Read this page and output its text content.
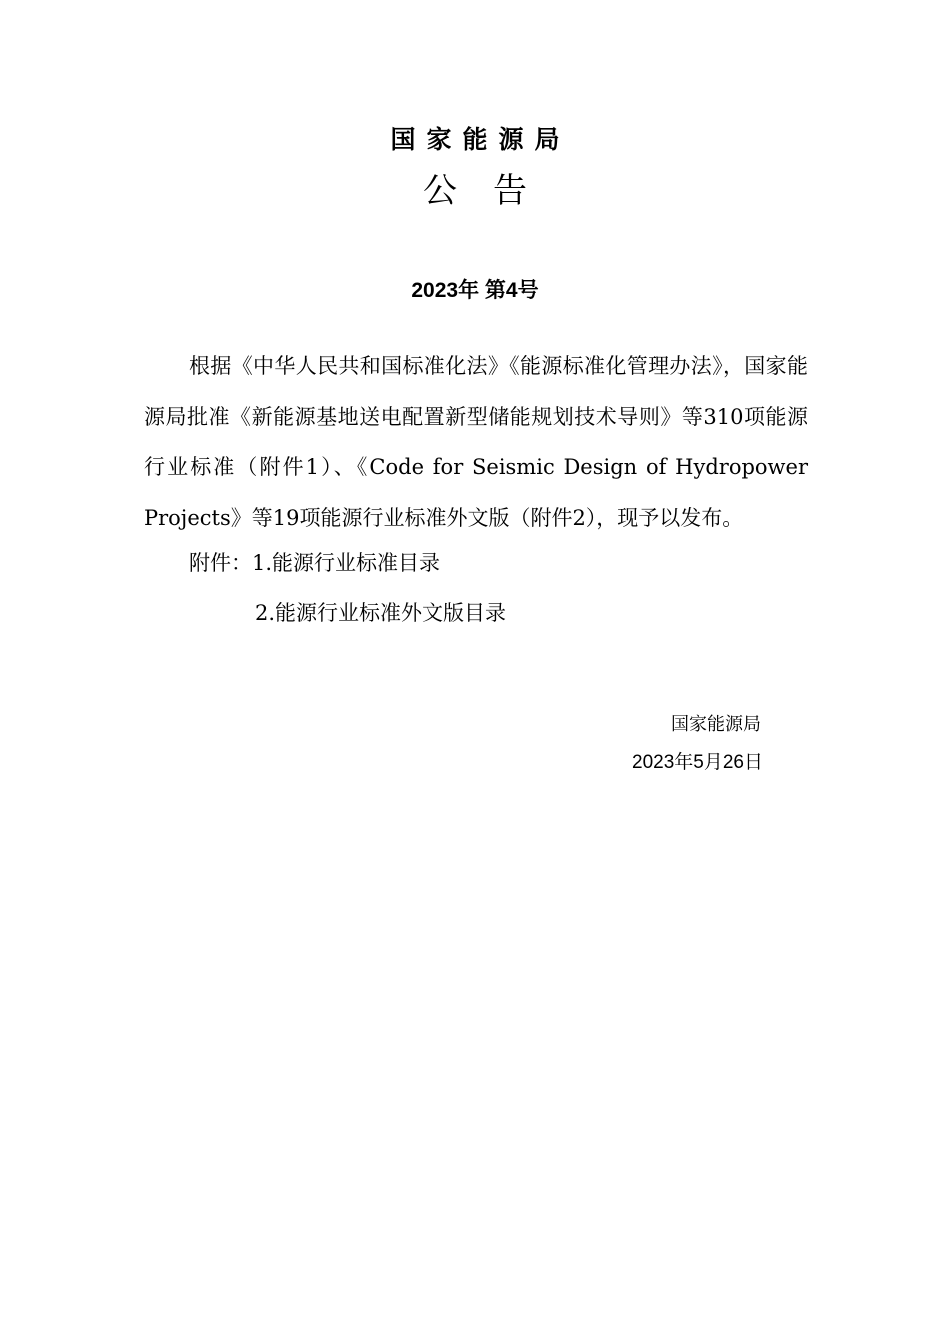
国家能源局
公告
2023年 第4号

根据《中华人民共和国标准化法》《能源标准化管理办法》，国家能源局批准《新能源基地送电配置新型储能规划技术导则》等310项能源行业标准（附件1）、《Code for Seismic Design of Hydropower Projects》等19项能源行业标准外文版（附件2），现予以发布。

附件：1.能源行业标准目录

2.能源行业标准外文版目录

国家能源局
2023年5月26日
